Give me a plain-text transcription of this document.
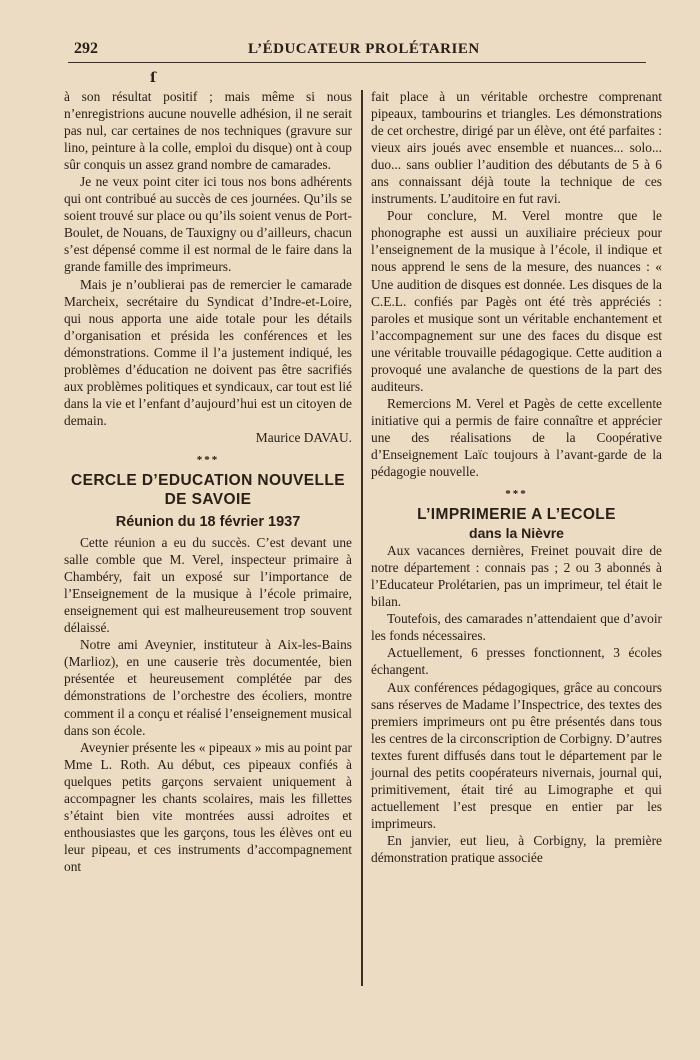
292	L’ÉDUCATEUR PROLÉTARIEN
ſ

à son résultat positif ; mais même si nous n’enregistrions aucune nouvelle adhésion, il ne serait pas nul, car certaines de nos techniques (gravure sur lino, peinture à la colle, emploi du disque) ont à coup sûr conquis un assez grand nombre de camarades.

Je ne veux point citer ici tous nos bons adhérents qui ont contribué au succès de ces journées. Qu’ils se soient trouvé sur place ou qu’ils soient venus de Port-Boulet, de Nouans, de Tauxigny ou d’ailleurs, chacun s’est dépensé comme il est normal de le faire dans la grande famille des imprimeurs.

Mais je n’oublierai pas de remercier le camarade Marcheix, secrétaire du Syndicat d’Indre-et-Loire, qui nous apporta une aide totale pour les détails d’organisation et présida les conférences et les démonstrations. Comme il l’a justement indiqué, les problèmes d’éducation ne doivent pas être sacrifiés aux problèmes politiques et syndicaux, car tout est lié dans la vie et l’enfant d’aujourd’hui est un citoyen de demain.

Maurice DAVAU.

***
CERCLE D’EDUCATION NOUVELLE DE SAVOIE
Réunion du 18 février 1937

Cette réunion a eu du succès. C’est devant une salle comble que M. Verel, inspecteur primaire à Chambéry, fait un exposé sur l’importance de l’Enseignement de la musique à l’école primaire, enseignement qui est malheureusement trop souvent délaissé.

Notre ami Aveynier, instituteur à Aix-les-Bains (Marlioz), en une causerie très documentée, bien présentée et heureusement complétée par des démonstrations de l’orchestre des écoliers, montre comment il a conçu et réalisé l’enseignement musical dans son école.

Aveynier présente les « pipeaux » mis au point par Mme L. Roth. Au début, ces pipeaux confiés à quelques petits garçons servaient uniquement à accompagner les chants scolaires, mais les fillettes s’étaint bien vite montrées aussi adroites et enthousiastes que les garçons, tous les élèves ont eu leur pipeau, et ces instruments d’accompagnement ont

fait place à un véritable orchestre comprenant pipeaux, tambourins et triangles. Les démonstrations de cet orchestre, dirigé par un élève, ont été parfaites : vieux airs joués avec ensemble et nuances... solo... duo... sans oublier l’audition des débutants de 5 à 6 ans connaissant déjà toute la technique de ces instruments. L’auditoire en fut ravi.

Pour conclure, M. Verel montre que le phonographe est aussi un auxiliaire précieux pour l’enseignement de la musique à l’école, il indique et nous apprend le sens de la mesure, des nuances : « Une audition de disques est donnée. Les disques de la C.E.L. confiés par Pagès ont été très appréciés : paroles et musique sont un véritable enchantement et l’accompagnement sur une des faces du disque est une véritable trouvaille pédagogique. Cette audition a provoqué une avalanche de questions de la part des auditeurs.

Remercions M. Verel et Pagès de cette excellente initiative qui a permis de faire connaître et apprécier une des réalisations de la Coopérative d’Enseignement Laïc toujours à l’avant-garde de la pédagogie nouvelle.

***
L’IMPRIMERIE A L’ECOLE
dans la Nièvre

Aux vacances dernières, Freinet pouvait dire de notre département : connais pas ; 2 ou 3 abonnés à l’Educateur Prolétarien, pas un imprimeur, tel était le bilan.

Toutefois, des camarades n’attendaient que d’avoir les fonds nécessaires.

Actuellement, 6 presses fonctionnent, 3 écoles échangent.

Aux conférences pédagogiques, grâce au concours sans réserves de Madame l’Inspectrice, des textes des premiers imprimeurs ont pu être présentés dans tous les centres de la circonscription de Corbigny. D’autres textes furent diffusés dans tout le département par le journal des petits coopérateurs nivernais, journal qui, primitivement, était tiré au Limographe et qui actuellement l’est presque en entier par les imprimeurs.

En janvier, eut lieu, à Corbigny, la première démonstration pratique associée
